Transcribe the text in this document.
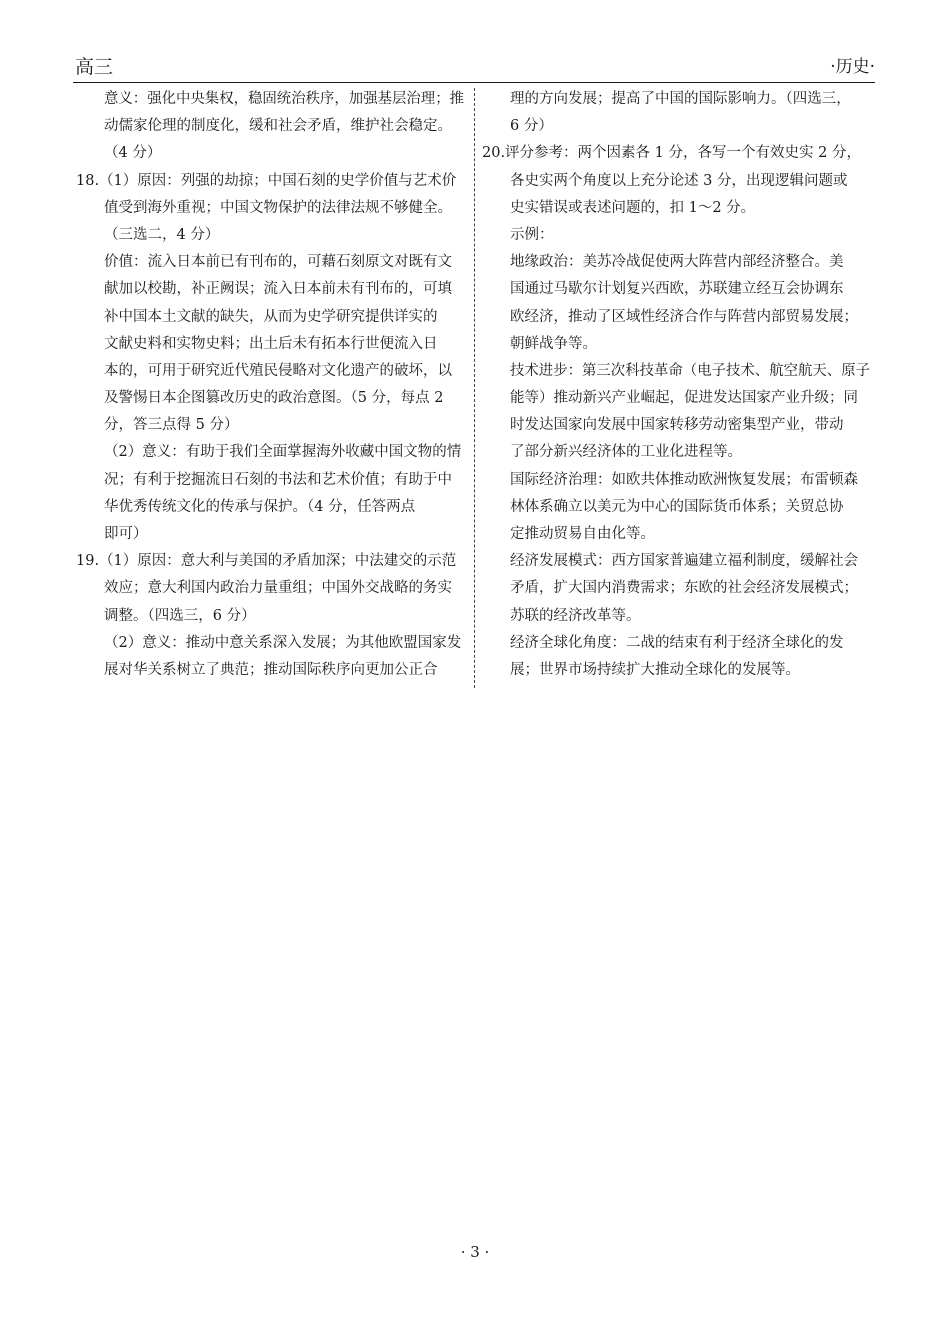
高三	·历史·
意义：强化中央集权，稳固统治秩序，加强基层治理；推
动儒家伦理的制度化，缓和社会矛盾，维护社会稳定。
（4 分）
18.（1）原因：列强的劫掠；中国石刻的史学价值与艺术价
值受到海外重视；中国文物保护的法律法规不够健全。
（三选二，4 分）
价值：流入日本前已有刊布的，可藉石刻原文对既有文
献加以校勘，补正阙误；流入日本前未有刊布的，可填
补中国本土文献的缺失，从而为史学研究提供详实的
文献史料和实物史料；出土后未有拓本行世便流入日
本的，可用于研究近代殖民侵略对文化遗产的破坏，以
及警惕日本企图篡改历史的政治意图。（5 分，每点 2
分，答三点得 5 分）
（2）意义：有助于我们全面掌握海外收藏中国文物的情
况；有利于挖掘流日石刻的书法和艺术价值；有助于中
华优秀传统文化的传承与保护。（4 分，任答两点
即可）
19.（1）原因：意大利与美国的矛盾加深；中法建交的示范
效应；意大利国内政治力量重组；中国外交战略的务实
调整。（四选三，6 分）
（2）意义：推动中意关系深入发展；为其他欧盟国家发
展对华关系树立了典范；推动国际秩序向更加公正合
理的方向发展；提高了中国的国际影响力。（四选三，
6 分）
20.评分参考：两个因素各 1 分，各写一个有效史实 2 分，
各史实两个角度以上充分论述 3 分，出现逻辑问题或
史实错误或表述问题的，扣 1～2 分。
示例：
地缘政治：美苏冷战促使两大阵营内部经济整合。美
国通过马歇尔计划复兴西欧，苏联建立经互会协调东
欧经济，推动了区域性经济合作与阵营内部贸易发展；
朝鲜战争等。
技术进步：第三次科技革命（电子技术、航空航天、原子
能等）推动新兴产业崛起，促进发达国家产业升级；同
时发达国家向发展中国家转移劳动密集型产业，带动
了部分新兴经济体的工业化进程等。
国际经济治理：如欧共体推动欧洲恢复发展；布雷顿森
林体系确立以美元为中心的国际货币体系；关贸总协
定推动贸易自由化等。
经济发展模式：西方国家普遍建立福利制度，缓解社会
矛盾，扩大国内消费需求；东欧的社会经济发展模式；
苏联的经济改革等。
经济全球化角度：二战的结束有利于经济全球化的发
展；世界市场持续扩大推动全球化的发展等。
· 3 ·
